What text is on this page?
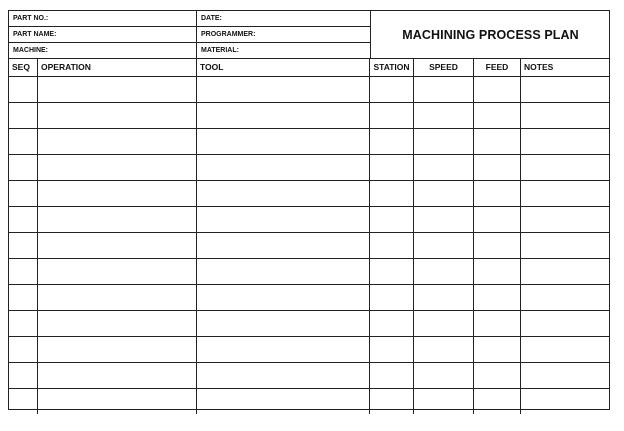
PART NO.:	DATE:
PART NAME:	PROGRAMMER:
MACHINE:	MATERIAL:
MACHINING PROCESS PLAN
SEQ	OPERATION	TOOL	STATION	SPEED	FEED	NOTES
